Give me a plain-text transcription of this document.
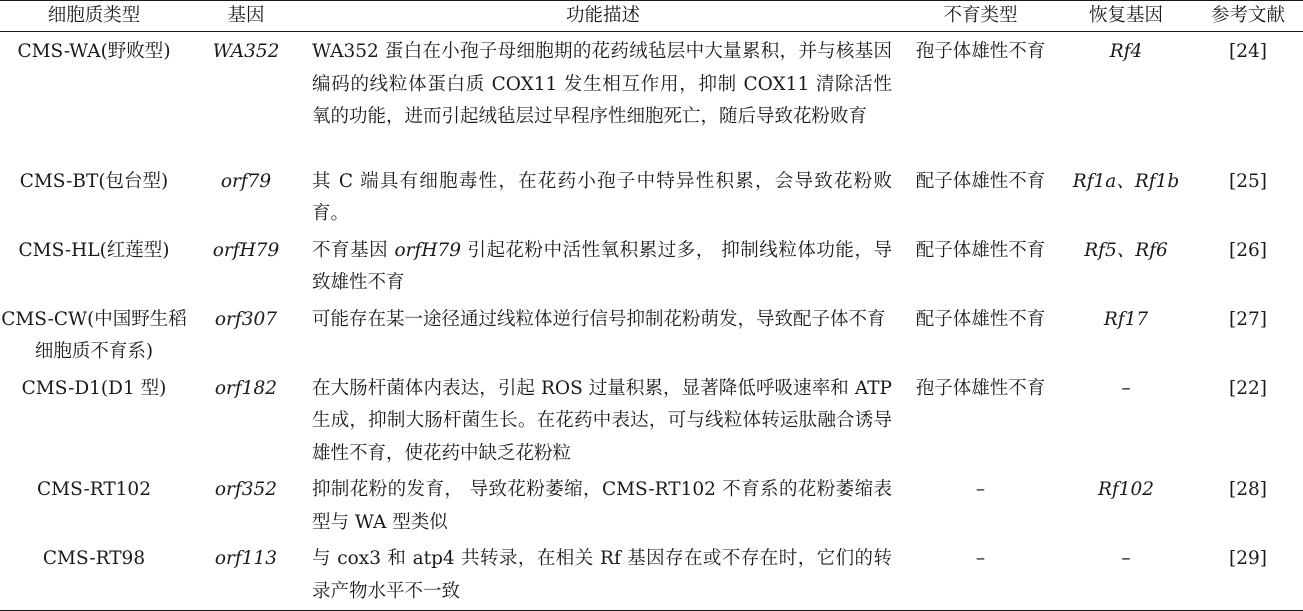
细胞质类型	基因	功能描述	不育类型	恢复基因	参考文献
CMS-WA(野败型)	WA352	WA352 蛋白在小孢子母细胞期的花药绒毡层中大量累积，并与核基因编码的线粒体蛋白质 COX11 发生相互作用，抑制 COX11 清除活性氧的功能，进而引起绒毡层过早程序性细胞死亡，随后导致花粉败育	孢子体雄性不育	Rf4	[24]
CMS-BT(包台型)	orf79	其 C 端具有细胞毒性，在花药小孢子中特异性积累，会导致花粉败育。	配子体雄性不育	Rf1a、Rf1b	[25]
CMS-HL(红莲型)	orfH79	不育基因 orfH79 引起花粉中活性氧积累过多， 抑制线粒体功能，导致雄性不育	配子体雄性不育	Rf5、Rf6	[26]
CMS-CW(中国野生稻细胞质不育系)	orf307	可能存在某一途径通过线粒体逆行信号抑制花粉萌发，导致配子体不育	配子体雄性不育	Rf17	[27]
CMS-D1(D1 型)	orf182	在大肠杆菌体内表达，引起 ROS 过量积累，显著降低呼吸速率和 ATP 生成，抑制大肠杆菌生长。在花药中表达，可与线粒体转运肽融合诱导雄性不育，使花药中缺乏花粉粒	孢子体雄性不育	–	[22]
CMS-RT102	orf352	抑制花粉的发育， 导致花粉萎缩，CMS-RT102 不育系的花粉萎缩表型与 WA 型类似	–	Rf102	[28]
CMS-RT98	orf113	与 cox3 和 atp4 共转录，在相关 Rf 基因存在或不存在时，它们的转录产物水平不一致	–	–	[29]
